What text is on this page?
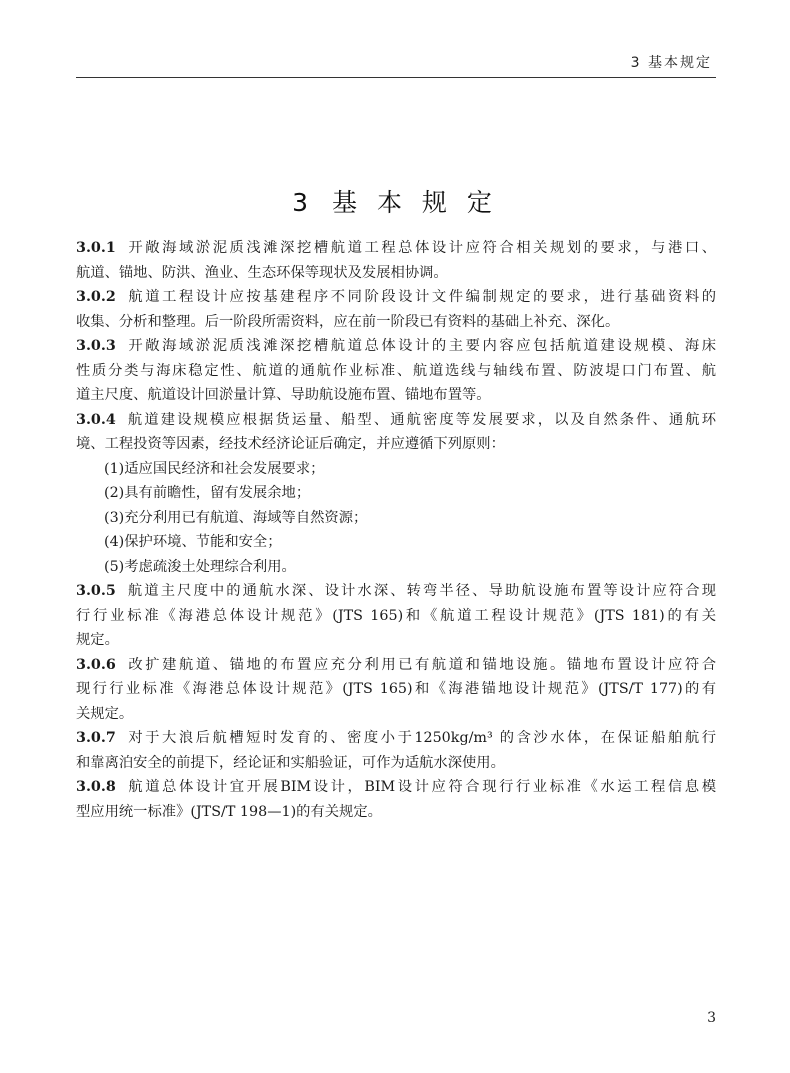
3 基本规定
3 基 本 规 定
3.0.1 开敞海域淤泥质浅滩深挖槽航道工程总体设计应符合相关规划的要求，与港口、
航道、锚地、防洪、渔业、生态环保等现状及发展相协调。
3.0.2 航道工程设计应按基建程序不同阶段设计文件编制规定的要求，进行基础资料的
收集、分析和整理。后一阶段所需资料，应在前一阶段已有资料的基础上补充、深化。
3.0.3 开敞海域淤泥质浅滩深挖槽航道总体设计的主要内容应包括航道建设规模、海床
性质分类与海床稳定性、航道的通航作业标准、航道选线与轴线布置、防波堤口门布置、航
道主尺度、航道设计回淤量计算、导助航设施布置、锚地布置等。
3.0.4 航道建设规模应根据货运量、船型、通航密度等发展要求，以及自然条件、通航环
境、工程投资等因素，经技术经济论证后确定，并应遵循下列原则：
(1)适应国民经济和社会发展要求；
(2)具有前瞻性，留有发展余地；
(3)充分利用已有航道、海域等自然资源；
(4)保护环境、节能和安全；
(5)考虑疏浚土处理综合利用。
3.0.5 航道主尺度中的通航水深、设计水深、转弯半径、导助航设施布置等设计应符合现
行行业标准《海港总体设计规范》(JTS 165)和《航道工程设计规范》(JTS 181)的有关
规定。
3.0.6 改扩建航道、锚地的布置应充分利用已有航道和锚地设施。锚地布置设计应符合
现行行业标准《海港总体设计规范》(JTS 165)和《海港锚地设计规范》(JTS/T 177)的有
关规定。
3.0.7 对于大浪后航槽短时发育的、密度小于1250kg/m³ 的含沙水体，在保证船舶航行
和靠离泊安全的前提下，经论证和实船验证，可作为适航水深使用。
3.0.8 航道总体设计宜开展BIM设计，BIM设计应符合现行行业标准《水运工程信息模
型应用统一标准》(JTS/T 198—1)的有关规定。
3
